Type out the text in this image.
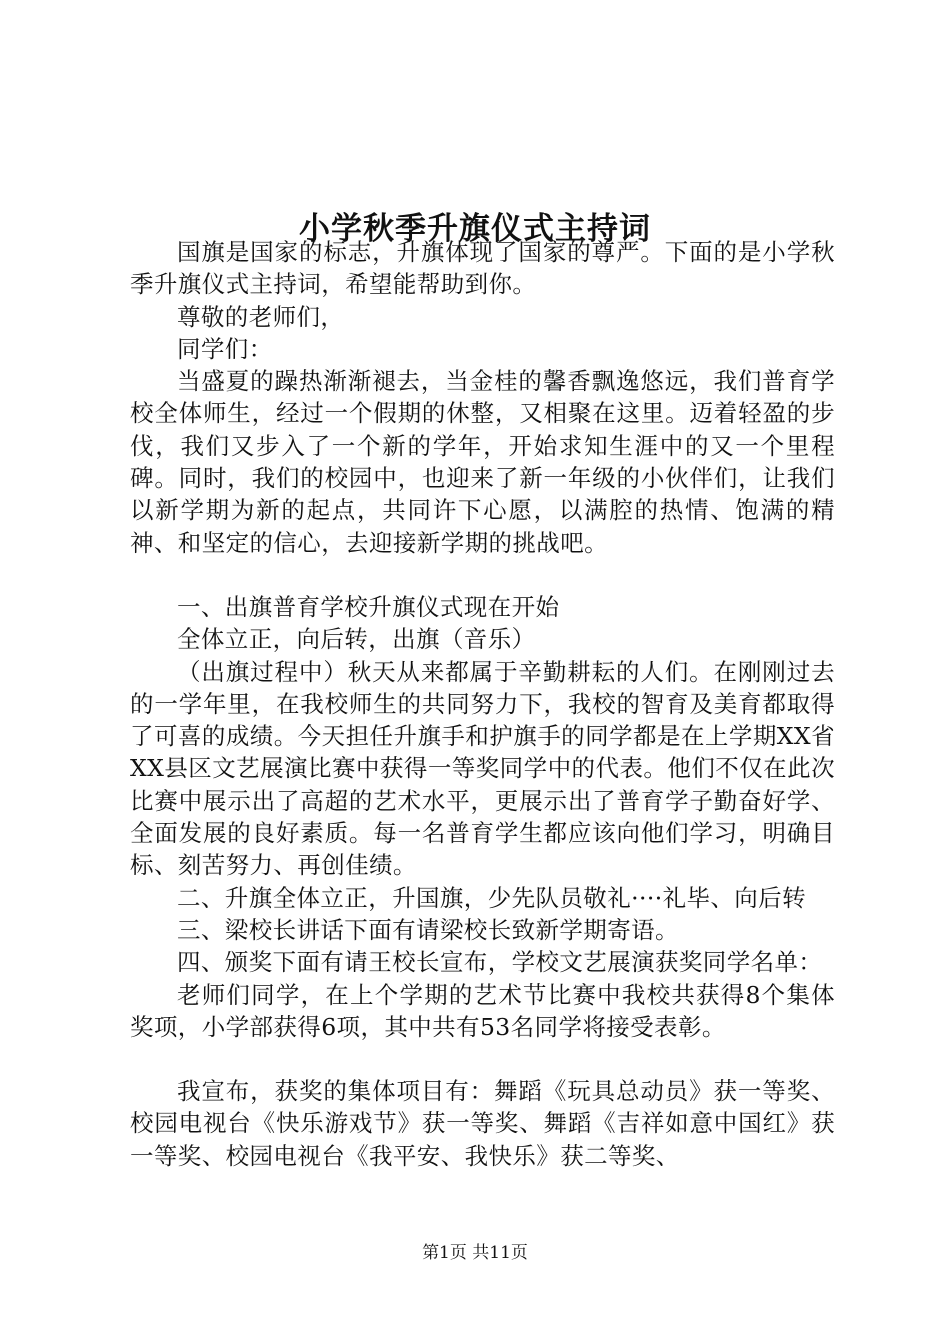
小学秋季升旗仪式主持词

国旗是国家的标志，升旗体现了国家的尊严。下面的是小学秋季升旗仪式主持词，希望能帮助到你。

尊敬的老师们，

同学们：

当盛夏的躁热渐渐褪去，当金桂的馨香飘逸悠远，我们普育学校全体师生，经过一个假期的休整，又相聚在这里。迈着轻盈的步伐，我们又步入了一个新的学年，开始求知生涯中的又一个里程碑。同时，我们的校园中，也迎来了新一年级的小伙伴们，让我们以新学期为新的起点，共同许下心愿，以满腔的热情、饱满的精神、和坚定的信心，去迎接新学期的挑战吧。

一、出旗普育学校升旗仪式现在开始

全体立正，向后转，出旗（音乐）

（出旗过程中）秋天从来都属于辛勤耕耘的人们。在刚刚过去的一学年里，在我校师生的共同努力下，我校的智育及美育都取得了可喜的成绩。今天担任升旗手和护旗手的同学都是在上学期XX省XX县区文艺展演比赛中获得一等奖同学中的代表。他们不仅在此次比赛中展示出了高超的艺术水平，更展示出了普育学子勤奋好学、全面发展的良好素质。每一名普育学生都应该向他们学习，明确目标、刻苦努力、再创佳绩。

二、升旗全体立正，升国旗，少先队员敬礼····礼毕、向后转

三、梁校长讲话下面有请梁校长致新学期寄语。

四、颁奖下面有请王校长宣布，学校文艺展演获奖同学名单：

老师们同学，在上个学期的艺术节比赛中我校共获得8个集体奖项，小学部获得6项，其中共有53名同学将接受表彰。

我宣布，获奖的集体项目有：舞蹈《玩具总动员》获一等奖、校园电视台《快乐游戏节》获一等奖、舞蹈《吉祥如意中国红》获一等奖、校园电视台《我平安、我快乐》获二等奖、

第1页 共11页
